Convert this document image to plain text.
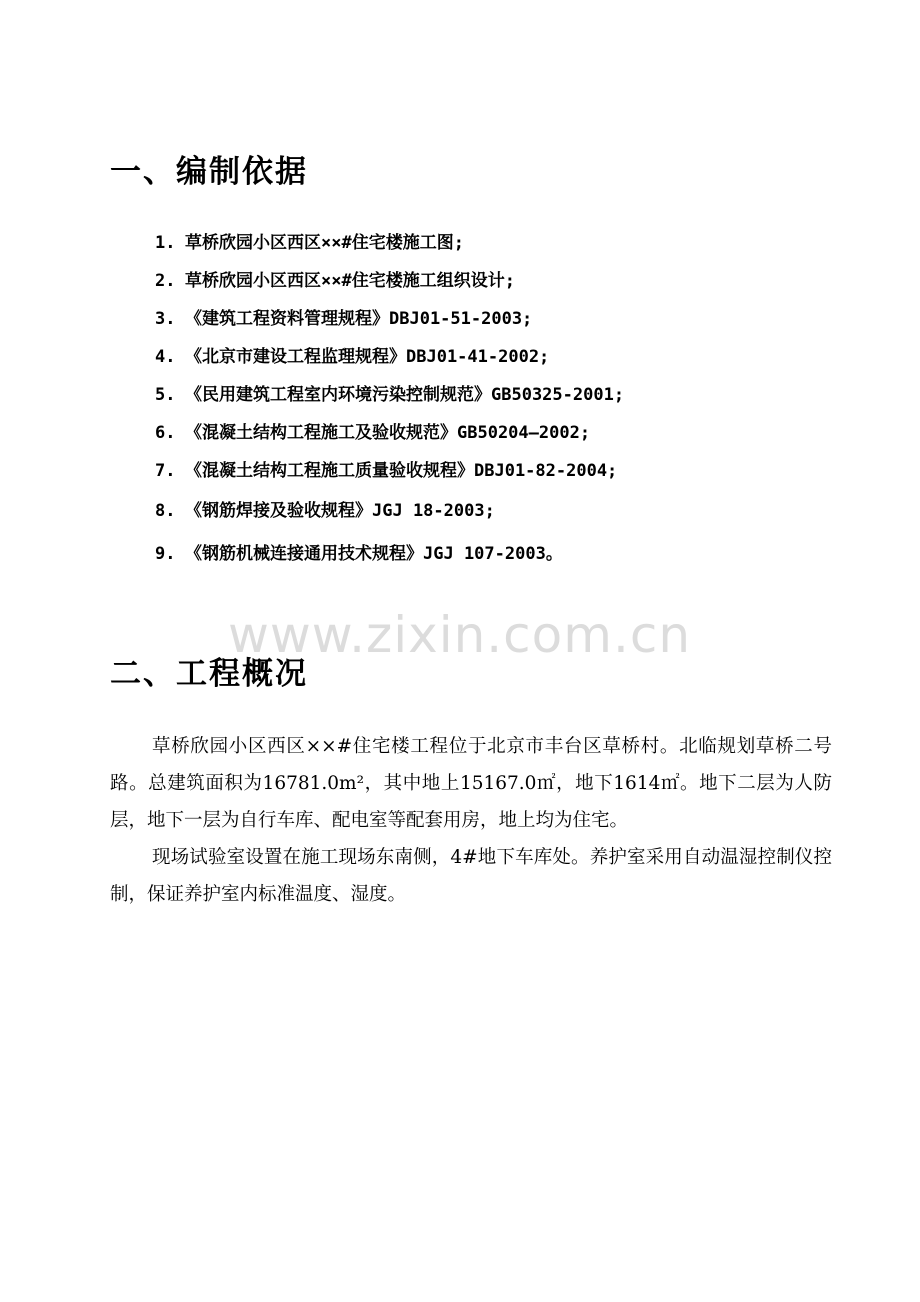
一、编制依据
1. 草桥欣园小区西区××#住宅楼施工图;
2. 草桥欣园小区西区××#住宅楼施工组织设计;
3. 《建筑工程资料管理规程》DBJ01-51-2003;
4. 《北京市建设工程监理规程》DBJ01-41-2002;
5. 《民用建筑工程室内环境污染控制规范》GB50325-2001;
6. 《混凝土结构工程施工及验收规范》GB50204—2002;
7. 《混凝土结构工程施工质量验收规程》DBJ01-82-2004;
8. 《钢筋焊接及验收规程》JGJ 18-2003;
9. 《钢筋机械连接通用技术规程》JGJ 107-2003。
www.zixin.com.cn
二、工程概况

草桥欣园小区西区××#住宅楼工程位于北京市丰台区草桥村。北临规划草桥二号路。总建筑面积为16781.0m²，其中地上15167.0㎡，地下1614㎡。地下二层为人防层，地下一层为自行车库、配电室等配套用房，地上均为住宅。

现场试验室设置在施工现场东南侧，4#地下车库处。养护室采用自动温湿控制仪控制，保证养护室内标准温度、湿度。
